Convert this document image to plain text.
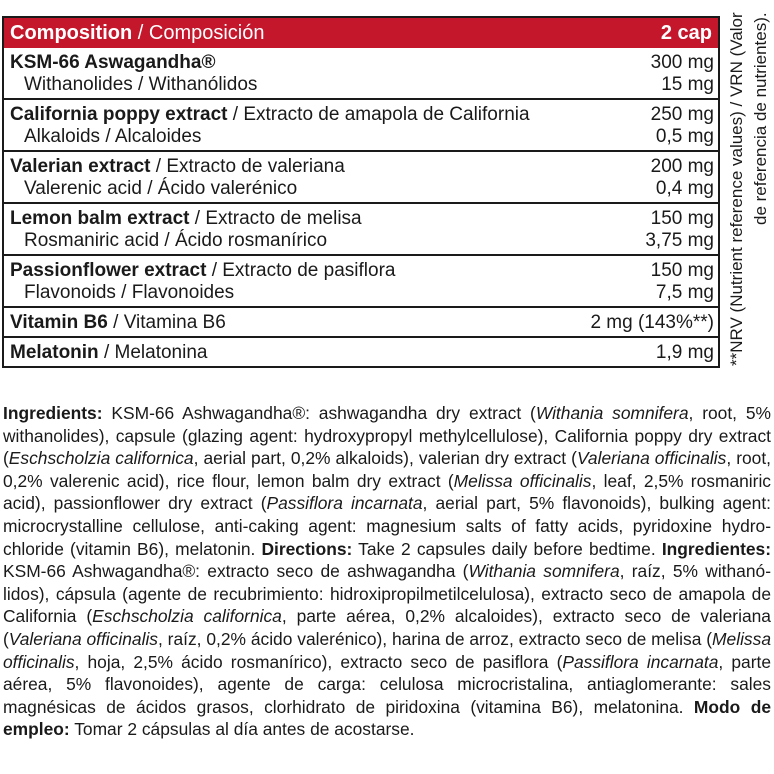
Composition / Composición	2 cap
KSM-66 Aswagandha®	300 mg
Withanolides / Withanólidos	15 mg
California poppy extract / Extracto de amapola de California	250 mg
Alkaloids / Alcaloides	0,5 mg
Valerian extract / Extracto de valeriana	200 mg
Valerenic acid / Ácido valerénico	0,4 mg
Lemon balm extract / Extracto de melisa	150 mg
Rosmaniric acid / Ácido rosmanírico	3,75 mg
Passionflower extract / Extracto de pasiflora	150 mg
Flavonoids / Flavonoides	7,5 mg
Vitamin B6 / Vitamina B6	2 mg (143%**)
Melatonin / Melatonina	1,9 mg **NRV (Nutrient reference values) / VRN (Valor de referencia de nutrientes).
Ingredients: KSM-66 Ashwagandha®: ashwagandha dry extract (Withania somnifera, root, 5% withanolides), capsule (glazing agent: hydroxypropyl methylcellulose), California poppy dry extract (Eschscholzia californica, aerial part, 0,2% alkaloids), valerian dry extract (Valeriana officinalis, root, 0,2% valerenic acid), rice flour, lemon balm dry extract (Melissa officinalis, leaf, 2,5% rosmaniric acid), passionflower dry extract (Passiflora incarnata, aerial part, 5% flavonoids), bulking agent: microcrystalline cellulose, anti-caking agent: magnesium salts of fatty acids, pyridoxine hydro-chloride (vitamin B6), melatonin. Directions: Take 2 capsules daily before bedtime. Ingredientes: KSM-66 Ashwagandha®: extracto seco de ashwagandha (Withania somnifera, raíz, 5% withanó-lidos), cápsula (agente de recubrimiento: hidroxipropilmetilcelulosa), extracto seco de amapola de California (Eschscholzia californica, parte aérea, 0,2% alcaloides), extracto seco de valeriana (Valeriana officinalis, raíz, 0,2% ácido valerénico), harina de arroz, extracto seco de melisa (Melissa officinalis, hoja, 2,5% ácido rosmanírico), extracto seco de pasiflora (Passiflora incarnata, parte aérea, 5% flavonoides), agente de carga: celulosa microcristalina, antiaglomerante: sales magnésicas de ácidos grasos, clorhidrato de piridoxina (vitamina B6), melatonina. Modo de empleo: Tomar 2 cápsulas al día antes de acostarse.
